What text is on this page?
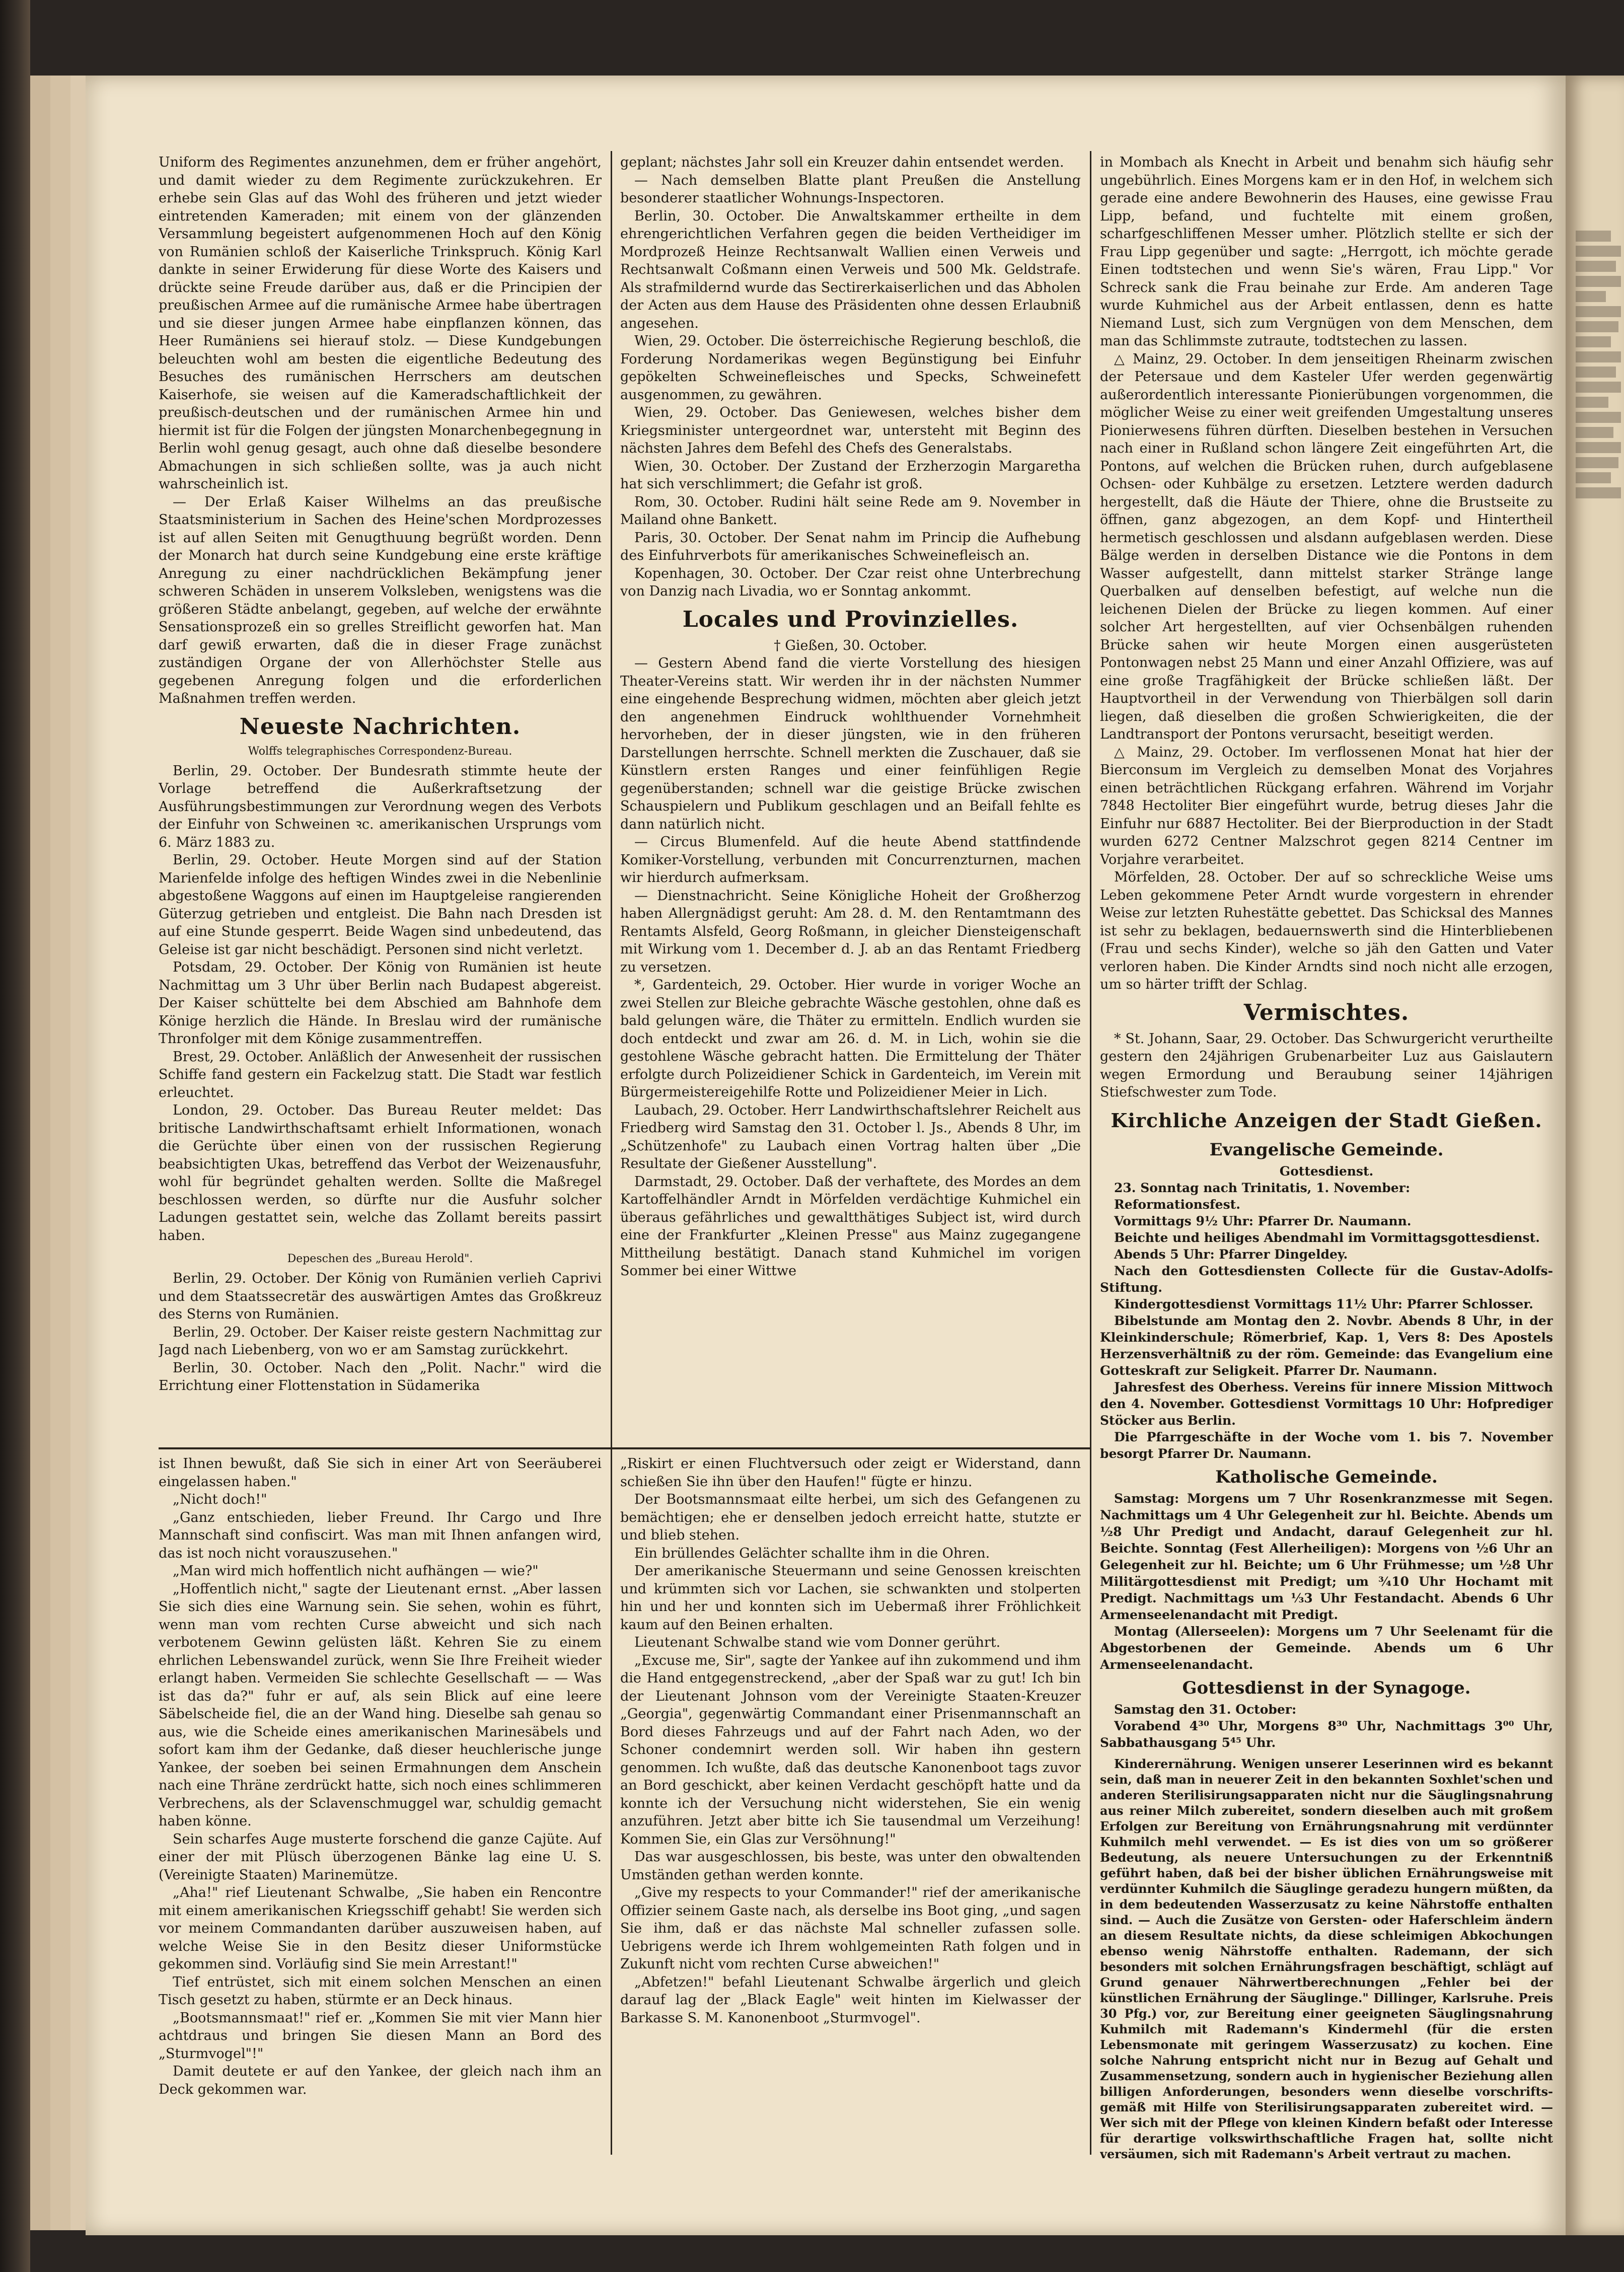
Uniform des Regimentes anzunehmen, dem er früher angehört, und damit wieder zu dem Regimente zurückzukehren. Er erhebe sein Glas auf das Wohl des früheren und jetzt wieder eintretenden Kameraden; mit einem von der glänzenden Versammlung begeistert aufgenommenen Hoch auf den König von Rumänien schloß der Kaiserliche Trinkspruch. König Karl dankte in seiner Erwiderung für diese Worte des Kaisers und drückte seine Freude darüber aus, daß er die Principien der preußischen Armee auf die rumänische Armee habe übertragen und sie dieser jungen Armee habe einpflanzen können, das Heer Rumäniens sei hierauf stolz. — Diese Kundgebungen beleuchten wohl am besten die eigentliche Bedeutung des Besuches des rumänischen Herrschers am deutschen Kaiserhofe, sie weisen auf die Kameradschaftlichkeit der preußisch-deutschen und der rumänischen Armee hin und hiermit ist für die Folgen der jüngsten Monarchenbegegnung in Berlin wohl genug gesagt, auch ohne daß dieselbe besondere Abmachungen in sich schließen sollte, was ja auch nicht wahrscheinlich ist.

— Der Erlaß Kaiser Wilhelms an das preußische Staatsministerium in Sachen des Heine'schen Mordprozesses ist auf allen Seiten mit Genugthuung begrüßt worden. Denn der Monarch hat durch seine Kundgebung eine erste kräftige Anregung zu einer nachdrücklichen Bekämpfung jener schweren Schäden in unserem Volksleben, wenigstens was die größeren Städte anbelangt, gegeben, auf welche der erwähnte Sensationsprozeß ein so grelles Streiflicht geworfen hat. Man darf gewiß erwarten, daß die in dieser Frage zunächst zuständigen Organe der von Allerhöchster Stelle aus gegebenen Anregung folgen und die erforderlichen Maßnahmen treffen werden.

Neueste Nachrichten.
Wolffs telegraphisches Correspondenz-Bureau.

Berlin, 29. October. Der Bundesrath stimmte heute der Vorlage betreffend die Außerkraftsetzung der Ausführungsbestimmungen zur Verordnung wegen des Verbots der Einfuhr von Schweinen ꝛc. amerikanischen Ursprungs vom 6. März 1883 zu.

Berlin, 29. October. Heute Morgen sind auf der Station Marienfelde infolge des heftigen Windes zwei in die Nebenlinie abgestoßene Waggons auf einen im Hauptgeleise rangierenden Güterzug getrieben und entgleist. Die Bahn nach Dresden ist auf eine Stunde gesperrt. Beide Wagen sind unbedeutend, das Geleise ist gar nicht beschädigt. Personen sind nicht verletzt.

Potsdam, 29. October. Der König von Rumänien ist heute Nachmittag um 3 Uhr über Berlin nach Budapest abgereist. Der Kaiser schüttelte bei dem Abschied am Bahnhofe dem Könige herzlich die Hände. In Breslau wird der rumänische Thronfolger mit dem Könige zusammentreffen.

Brest, 29. October. Anläßlich der Anwesenheit der russischen Schiffe fand gestern ein Fackelzug statt. Die Stadt war festlich erleuchtet.

London, 29. October. Das Bureau Reuter meldet: Das britische Landwirthschaftsamt erhielt Informationen, wonach die Gerüchte über einen von der russischen Regierung beabsichtigten Ukas, betreffend das Verbot der Weizenausfuhr, wohl für begründet gehalten werden. Sollte die Maßregel beschlossen werden, so dürfte nur die Ausfuhr solcher Ladungen gestattet sein, welche das Zollamt bereits passirt haben.

Depeschen des „Bureau Herold".

Berlin, 29. October. Der König von Rumänien verlieh Caprivi und dem Staatssecretär des auswärtigen Amtes das Großkreuz des Sterns von Rumänien.

Berlin, 29. October. Der Kaiser reiste gestern Nachmittag zur Jagd nach Liebenberg, von wo er am Samstag zurückkehrt.

Berlin, 30. October. Nach den „Polit. Nachr." wird die Errichtung einer Flottenstation in Südamerika

geplant; nächstes Jahr soll ein Kreuzer dahin entsendet werden.

— Nach demselben Blatte plant Preußen die Anstellung besonderer staatlicher Wohnungs-Inspectoren.

Berlin, 30. October. Die Anwaltskammer ertheilte in dem ehrengerichtlichen Verfahren gegen die beiden Vertheidiger im Mordprozeß Heinze Rechtsanwalt Wallien einen Verweis und Rechtsanwalt Coßmann einen Verweis und 500 Mk. Geldstrafe. Als strafmildernd wurde das Sectirerkaiserlichen und das Abholen der Acten aus dem Hause des Präsidenten ohne dessen Erlaubniß angesehen.

Wien, 29. October. Die österreichische Regierung beschloß, die Forderung Nordamerikas wegen Begünstigung bei Einfuhr gepökelten Schweinefleisches und Specks, Schweinefett ausgenommen, zu gewähren.

Wien, 29. October. Das Geniewesen, welches bisher dem Kriegsminister untergeordnet war, untersteht mit Beginn des nächsten Jahres dem Befehl des Chefs des Generalstabs.

Wien, 30. October. Der Zustand der Erzherzogin Margaretha hat sich verschlimmert; die Gefahr ist groß.

Rom, 30. October. Rudini hält seine Rede am 9. November in Mailand ohne Bankett.

Paris, 30. October. Der Senat nahm im Princip die Aufhebung des Einfuhrverbots für amerikanisches Schweinefleisch an.

Kopenhagen, 30. October. Der Czar reist ohne Unterbrechung von Danzig nach Livadia, wo er Sonntag ankommt.

Locales und Provinzielles.

† Gießen, 30. October.

— Gestern Abend fand die vierte Vorstellung des hiesigen Theater-Vereins statt. Wir werden ihr in der nächsten Nummer eine eingehende Besprechung widmen, möchten aber gleich jetzt den angenehmen Eindruck wohlthuender Vornehmheit hervorheben, der in dieser jüngsten, wie in den früheren Darstellungen herrschte. Schnell merkten die Zuschauer, daß sie Künstlern ersten Ranges und einer feinfühligen Regie gegenüberstanden; schnell war die geistige Brücke zwischen Schauspielern und Publikum geschlagen und an Beifall fehlte es dann natürlich nicht.

— Circus Blumenfeld. Auf die heute Abend stattfindende Komiker-Vorstellung, verbunden mit Concurrenzturnen, machen wir hierdurch aufmerksam.

— Dienstnachricht. Seine Königliche Hoheit der Großherzog haben Allergnädigst geruht: Am 28. d. M. den Rentamtmann des Rentamts Alsfeld, Georg Roßmann, in gleicher Diensteigenschaft mit Wirkung vom 1. December d. J. ab an das Rentamt Friedberg zu versetzen.

*, Gardenteich, 29. October. Hier wurde in voriger Woche an zwei Stellen zur Bleiche gebrachte Wäsche gestohlen, ohne daß es bald gelungen wäre, die Thäter zu ermitteln. Endlich wurden sie doch entdeckt und zwar am 26. d. M. in Lich, wohin sie die gestohlene Wäsche gebracht hatten. Die Ermittelung der Thäter erfolgte durch Polizeidiener Schick in Gardenteich, im Verein mit Bürgermeistereigehilfe Rotte und Polizeidiener Meier in Lich.

Laubach, 29. October. Herr Landwirthschaftslehrer Reichelt aus Friedberg wird Samstag den 31. October l. Js., Abends 8 Uhr, im „Schützenhofe" zu Laubach einen Vortrag halten über „Die Resultate der Gießener Ausstellung".

Darmstadt, 29. October. Daß der verhaftete, des Mordes an dem Kartoffelhändler Arndt in Mörfelden verdächtige Kuhmichel ein überaus gefährliches und gewaltthätiges Subject ist, wird durch eine der Frankfurter „Kleinen Presse" aus Mainz zugegangene Mittheilung bestätigt. Danach stand Kuhmichel im vorigen Sommer bei einer Wittwe

in Mombach als Knecht in Arbeit und benahm sich häufig sehr ungebührlich. Eines Morgens kam er in den Hof, in welchem sich gerade eine andere Bewohnerin des Hauses, eine gewisse Frau Lipp, befand, und fuchtelte mit einem großen, scharfgeschliffenen Messer umher. Plötzlich stellte er sich der Frau Lipp gegenüber und sagte: „Herrgott, ich möchte gerade Einen todtstechen und wenn Sie's wären, Frau Lipp." Vor Schreck sank die Frau beinahe zur Erde. Am anderen Tage wurde Kuhmichel aus der Arbeit entlassen, denn es hatte Niemand Lust, sich zum Vergnügen von dem Menschen, dem man das Schlimmste zutraute, todtstechen zu lassen.

△ Mainz, 29. October. In dem jenseitigen Rheinarm zwischen der Petersaue und dem Kasteler Ufer werden gegenwärtig außerordentlich interessante Pionierübungen vorgenommen, die möglicher Weise zu einer weit greifenden Umgestaltung unseres Pionierwesens führen dürften. Dieselben bestehen in Versuchen nach einer in Rußland schon längere Zeit eingeführten Art, die Pontons, auf welchen die Brücken ruhen, durch aufgeblasene Ochsen- oder Kuhbälge zu ersetzen. Letztere werden dadurch hergestellt, daß die Häute der Thiere, ohne die Brustseite zu öffnen, ganz abgezogen, an dem Kopf- und Hintertheil hermetisch geschlossen und alsdann aufgeblasen werden. Diese Bälge werden in derselben Distance wie die Pontons in dem Wasser aufgestellt, dann mittelst starker Stränge lange Querbalken auf denselben befestigt, auf welche nun die leichenen Dielen der Brücke zu liegen kommen. Auf einer solcher Art hergestellten, auf vier Ochsenbälgen ruhenden Brücke sahen wir heute Morgen einen ausgerüsteten Pontonwagen nebst 25 Mann und einer Anzahl Offiziere, was auf eine große Tragfähigkeit der Brücke schließen läßt. Der Hauptvortheil in der Verwendung von Thierbälgen soll darin liegen, daß dieselben die großen Schwierigkeiten, die der Landtransport der Pontons verursacht, beseitigt werden.

△ Mainz, 29. October. Im verflossenen Monat hat hier der Bierconsum im Vergleich zu demselben Monat des Vorjahres einen beträchtlichen Rückgang erfahren. Während im Vorjahr 7848 Hectoliter Bier eingeführt wurde, betrug dieses Jahr die Einfuhr nur 6887 Hectoliter. Bei der Bierproduction in der Stadt wurden 6272 Centner Malzschrot gegen 8214 Centner im Vorjahre verarbeitet.

Mörfelden, 28. October. Der auf so schreckliche Weise ums Leben gekommene Peter Arndt wurde vorgestern in ehrender Weise zur letzten Ruhestätte gebettet. Das Schicksal des Mannes ist sehr zu beklagen, bedauernswerth sind die Hinterbliebenen (Frau und sechs Kinder), welche so jäh den Gatten und Vater verloren haben. Die Kinder Arndts sind noch nicht alle erzogen, um so härter trifft der Schlag.

Vermischtes.

* St. Johann, Saar, 29. October. Das Schwurgericht verurtheilte gestern den 24jährigen Grubenarbeiter Luz aus Gaislautern wegen Ermordung und Beraubung seiner 14jährigen Stiefschwester zum Tode.

Kirchliche Anzeigen der Stadt Gießen.
Evangelische Gemeinde.

Gottesdienst.

23. Sonntag nach Trinitatis, 1. November:

Reformationsfest.

Vormittags 9½ Uhr: Pfarrer Dr. Naumann.

Beichte und heiliges Abendmahl im Vormittagsgottesdienst.

Abends 5 Uhr: Pfarrer Dingeldey.

Nach den Gottesdiensten Collecte für die Gustav-Adolfs-Stiftung.

Kindergottesdienst Vormittags 11½ Uhr: Pfarrer Schlosser.

Bibelstunde am Montag den 2. Novbr. Abends 8 Uhr, in der Kleinkinderschule; Römerbrief, Kap. 1, Vers 8: Des Apostels Herzensverhältniß zu der röm. Gemeinde: das Evangelium eine Gotteskraft zur Seligkeit. Pfarrer Dr. Naumann.

Jahresfest des Oberhess. Vereins für innere Mission Mittwoch den 4. November. Gottesdienst Vormittags 10 Uhr: Hofprediger Stöcker aus Berlin.

Die Pfarrgeschäfte in der Woche vom 1. bis 7. November besorgt Pfarrer Dr. Naumann.

Katholische Gemeinde.

Samstag: Morgens um 7 Uhr Rosenkranzmesse mit Segen. Nachmittags um 4 Uhr Gelegenheit zur hl. Beichte. Abends um ½8 Uhr Predigt und Andacht, darauf Gelegenheit zur hl. Beichte. Sonntag (Fest Allerheiligen): Morgens von ½6 Uhr an Gelegenheit zur hl. Beichte; um 6 Uhr Frühmesse; um ½8 Uhr Militärgottesdienst mit Predigt; um ¾10 Uhr Hochamt mit Predigt. Nachmittags um ⅓3 Uhr Festandacht. Abends 6 Uhr Armenseelenandacht mit Predigt.

Montag (Allerseelen): Morgens um 7 Uhr Seelenamt für die Abgestorbenen der Gemeinde. Abends um 6 Uhr Armenseelenandacht.

Gottesdienst in der Synagoge.

Samstag den 31. October:

Vorabend 4³⁰ Uhr, Morgens 8³⁰ Uhr, Nachmittags 3⁰⁰ Uhr, Sabbathausgang 5⁴⁵ Uhr.

Kinderernährung. Wenigen unserer Leserinnen wird es bekannt sein, daß man in neuerer Zeit in den bekannten Soxhlet'schen und anderen Sterilisirungsapparaten nicht nur die Säuglingsnahrung aus reiner Milch zubereitet, sondern dieselben auch mit großem Erfolgen zur Bereitung von Ernährungsnahrung mit verdünnter Kuhmilch mehl verwendet. — Es ist dies von um so größerer Bedeutung, als neuere Untersuchungen zu der Erkenntniß geführt haben, daß bei der bisher üblichen Ernährungsweise mit verdünnter Kuhmilch die Säuglinge geradezu hungern müßten, da in dem bedeutenden Wasserzusatz zu keine Nährstoffe enthalten sind. — Auch die Zusätze von Gersten- oder Haferschleim ändern an diesem Resultate nichts, da diese schleimigen Abkochungen ebenso wenig Nährstoffe enthalten. Rademann, der sich besonders mit solchen Ernährungsfragen beschäftigt, schlägt auf Grund genauer Nährwertberechnungen „Fehler bei der künstlichen Ernährung der Säuglinge." Dillinger, Karlsruhe. Preis 30 Pfg.) vor, zur Bereitung einer geeigneten Säuglingsnahrung Kuhmilch mit Rademann's Kindermehl (für die ersten Lebensmonate mit geringem Wasserzusatz) zu kochen. Eine solche Nahrung entspricht nicht nur in Bezug auf Gehalt und Zusammensetzung, sondern auch in hygienischer Beziehung allen billigen Anforderungen, besonders wenn dieselbe vorschrifts-gemäß mit Hilfe von Sterilisirungsapparaten zubereitet wird. — Wer sich mit der Pflege von kleinen Kindern befaßt oder Interesse für derartige volkswirthschaftliche Fragen hat, sollte nicht versäumen, sich mit Rademann's Arbeit vertraut zu machen.

ist Ihnen bewußt, daß Sie sich in einer Art von Seeräuberei eingelassen haben."

„Nicht doch!"

„Ganz entschieden, lieber Freund. Ihr Cargo und Ihre Mannschaft sind confiscirt. Was man mit Ihnen anfangen wird, das ist noch nicht vorauszusehen."

„Man wird mich hoffentlich nicht aufhängen — wie?"

„Hoffentlich nicht," sagte der Lieutenant ernst. „Aber lassen Sie sich dies eine Warnung sein. Sie sehen, wohin es führt, wenn man vom rechten Curse abweicht und sich nach verbotenem Gewinn gelüsten läßt. Kehren Sie zu einem ehrlichen Lebenswandel zurück, wenn Sie Ihre Freiheit wieder erlangt haben. Vermeiden Sie schlechte Gesellschaft — — Was ist das da?" fuhr er auf, als sein Blick auf eine leere Säbelscheide fiel, die an der Wand hing. Dieselbe sah genau so aus, wie die Scheide eines amerikanischen Marinesäbels und sofort kam ihm der Gedanke, daß dieser heuchlerische junge Yankee, der soeben bei seinen Ermahnungen dem Anschein nach eine Thräne zerdrückt hatte, sich noch eines schlimmeren Verbrechens, als der Sclavenschmuggel war, schuldig gemacht haben könne.

Sein scharfes Auge musterte forschend die ganze Cajüte. Auf einer der mit Plüsch überzogenen Bänke lag eine U. S. (Vereinigte Staaten) Marinemütze.

„Aha!" rief Lieutenant Schwalbe, „Sie haben ein Rencontre mit einem amerikanischen Kriegsschiff gehabt! Sie werden sich vor meinem Commandanten darüber auszuweisen haben, auf welche Weise Sie in den Besitz dieser Uniformstücke gekommen sind. Vorläufig sind Sie mein Arrestant!"

Tief entrüstet, sich mit einem solchen Menschen an einen Tisch gesetzt zu haben, stürmte er an Deck hinaus.

„Bootsmannsmaat!" rief er. „Kommen Sie mit vier Mann hier achtdraus und bringen Sie diesen Mann an Bord des „Sturmvogel"!"

Damit deutete er auf den Yankee, der gleich nach ihm an Deck gekommen war.

„Riskirt er einen Fluchtversuch oder zeigt er Widerstand, dann schießen Sie ihn über den Haufen!" fügte er hinzu.

Der Bootsmannsmaat eilte herbei, um sich des Gefangenen zu bemächtigen; ehe er denselben jedoch erreicht hatte, stutzte er und blieb stehen.

Ein brüllendes Gelächter schallte ihm in die Ohren.

Der amerikanische Steuermann und seine Genossen kreischten und krümmten sich vor Lachen, sie schwankten und stolperten hin und her und konnten sich im Uebermaß ihrer Fröhlichkeit kaum auf den Beinen erhalten.

Lieutenant Schwalbe stand wie vom Donner gerührt.

„Excuse me, Sir", sagte der Yankee auf ihn zukommend und ihm die Hand entgegenstreckend, „aber der Spaß war zu gut! Ich bin der Lieutenant Johnson vom der Vereinigte Staaten-Kreuzer „Georgia", gegenwärtig Commandant einer Prisenmannschaft an Bord dieses Fahrzeugs und auf der Fahrt nach Aden, wo der Schoner condemnirt werden soll. Wir haben ihn gestern genommen. Ich wußte, daß das deutsche Kanonenboot tags zuvor an Bord geschickt, aber keinen Verdacht geschöpft hatte und da konnte ich der Versuchung nicht widerstehen, Sie ein wenig anzuführen. Jetzt aber bitte ich Sie tausendmal um Verzeihung! Kommen Sie, ein Glas zur Versöhnung!"

Das war ausgeschlossen, bis beste, was unter den obwaltenden Umständen gethan werden konnte.

„Give my respects to your Commander!" rief der amerikanische Offizier seinem Gaste nach, als derselbe ins Boot ging, „und sagen Sie ihm, daß er das nächste Mal schneller zufassen solle. Uebrigens werde ich Ihrem wohlgemeinten Rath folgen und in Zukunft nicht vom rechten Curse abweichen!"

„Abfetzen!" befahl Lieutenant Schwalbe ärgerlich und gleich darauf lag der „Black Eagle" weit hinten im Kielwasser der Barkasse S. M. Kanonenboot „Sturmvogel".
